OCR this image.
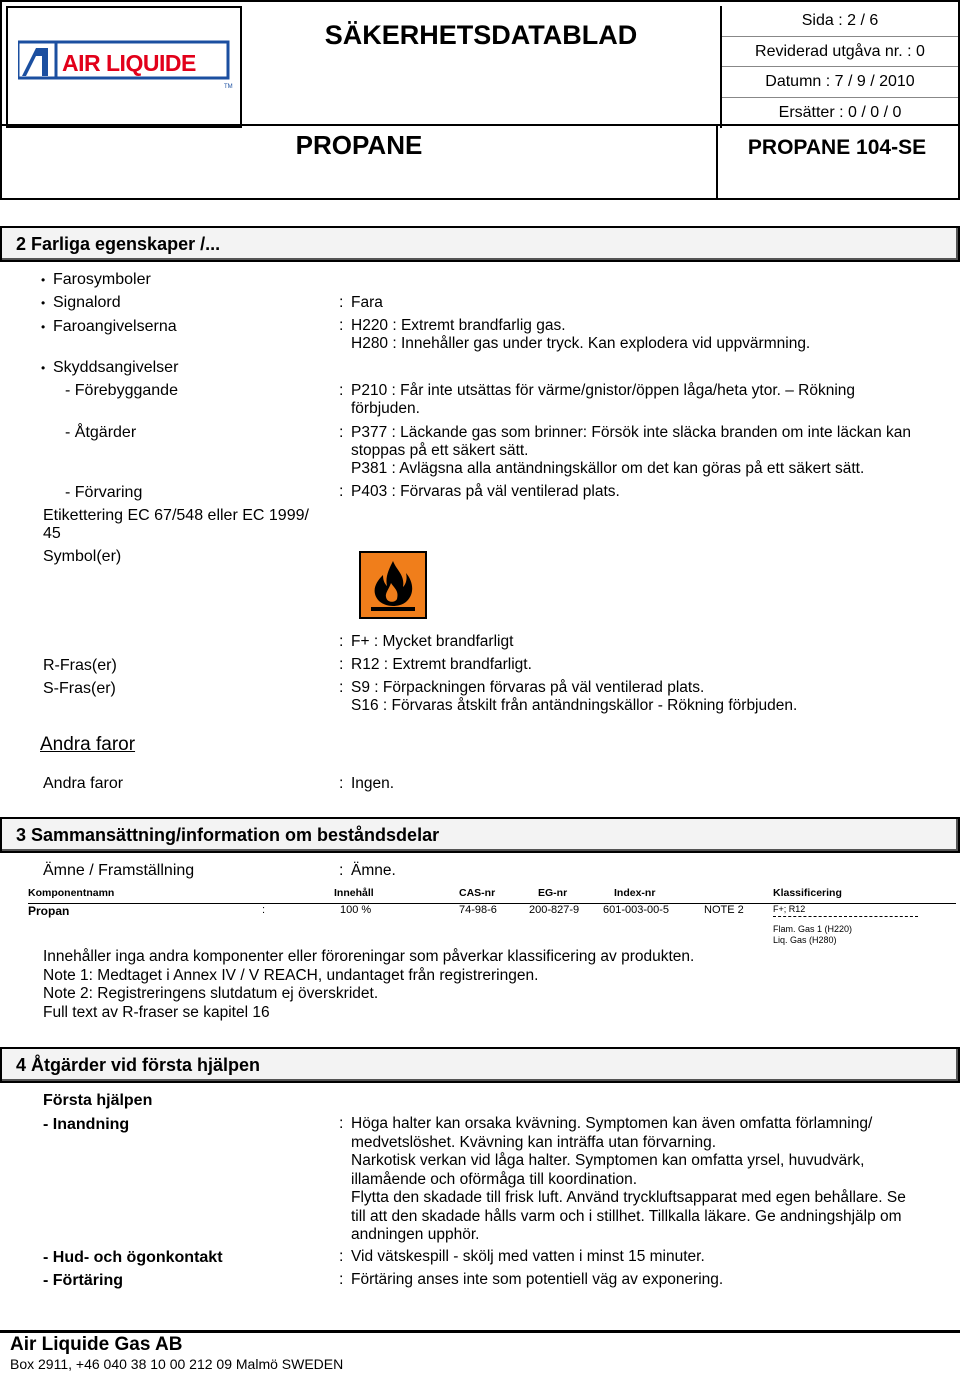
AIR LIQUIDE
TM
SÄKERHETSDATABLAD	Sida : 2 / 6
Reviderad utgåva nr. : 0
Datumn : 7 / 9 / 2010
Ersätter : 0 / 0 / 0
PROPANE	PROPANE 104-SE
2 Farliga egenskaper /...
• Farosymboler
• Signalord	: Fara
• Faroangivelserna	: H220 : Extremt brandfarlig gas.
H280 : Innehåller gas under tryck. Kan explodera vid uppvärmning.
• Skyddsangivelser
- Förebyggande	: P210 : Får inte utsättas för värme/gnistor/öppen låga/heta ytor. – Rökning
förbjuden.
- Åtgärder	: P377 : Läckande gas som brinner: Försök inte släcka branden om inte läckan kan
stoppas på ett säkert sätt.
P381 : Avlägsna alla antändningskällor om det kan göras på ett säkert sätt.
- Förvaring	: P403 : Förvaras på väl ventilerad plats.
Etikettering EC 67/548 eller EC 1999/
45
Symbol(er)
: F+ : Mycket brandfarligt
R-Fras(er)	: R12 : Extremt brandfarligt.
S-Fras(er)	: S9 : Förpackningen förvaras på väl ventilerad plats.
S16 : Förvaras åtskilt från antändningskällor - Rökning förbjuden.
Andra faror
Andra faror	: Ingen.
3 Sammansättning/information om beståndsdelar
Ämne / Framställning	: Ämne.
Komponentnamn	Innehåll	CAS-nr	EG-nr	Index-nr	Klassificering
Propan	:	100 %	74-98-6	200-827-9 601-003-00-5	NOTE 2	F+; R12
Flam. Gas 1 (H220)
Liq. Gas (H280)
Innehåller inga andra komponenter eller föroreningar som påverkar klassificering av produkten.
Note 1: Medtaget i Annex IV / V REACH, undantaget från registreringen.
Note 2: Registreringens slutdatum ej överskridet.
Full text av R-fraser se kapitel 16
4 Åtgärder vid första hjälpen
Första hjälpen
- Inandning	: Höga halter kan orsaka kvävning. Symptomen kan även omfatta förlamning/
medvetslöshet. Kvävning kan inträffa utan förvarning.
Narkotisk verkan vid låga halter. Symptomen kan omfatta yrsel, huvudvärk,
illamående och oförmåga till koordination.
Flytta den skadade till frisk luft. Använd tryckluftsapparat med egen behållare. Se
till att den skadade hålls varm och i stillhet. Tillkalla läkare. Ge andningshjälp om
andningen upphör.
- Hud- och ögonkontakt	: Vid vätskespill - skölj med vatten i minst 15 minuter.
- Förtäring	: Förtäring anses inte som potentiell väg av exponering.
Air Liquide Gas AB
Box 2911, +46 040 38 10 00 212 09 Malmö SWEDEN
